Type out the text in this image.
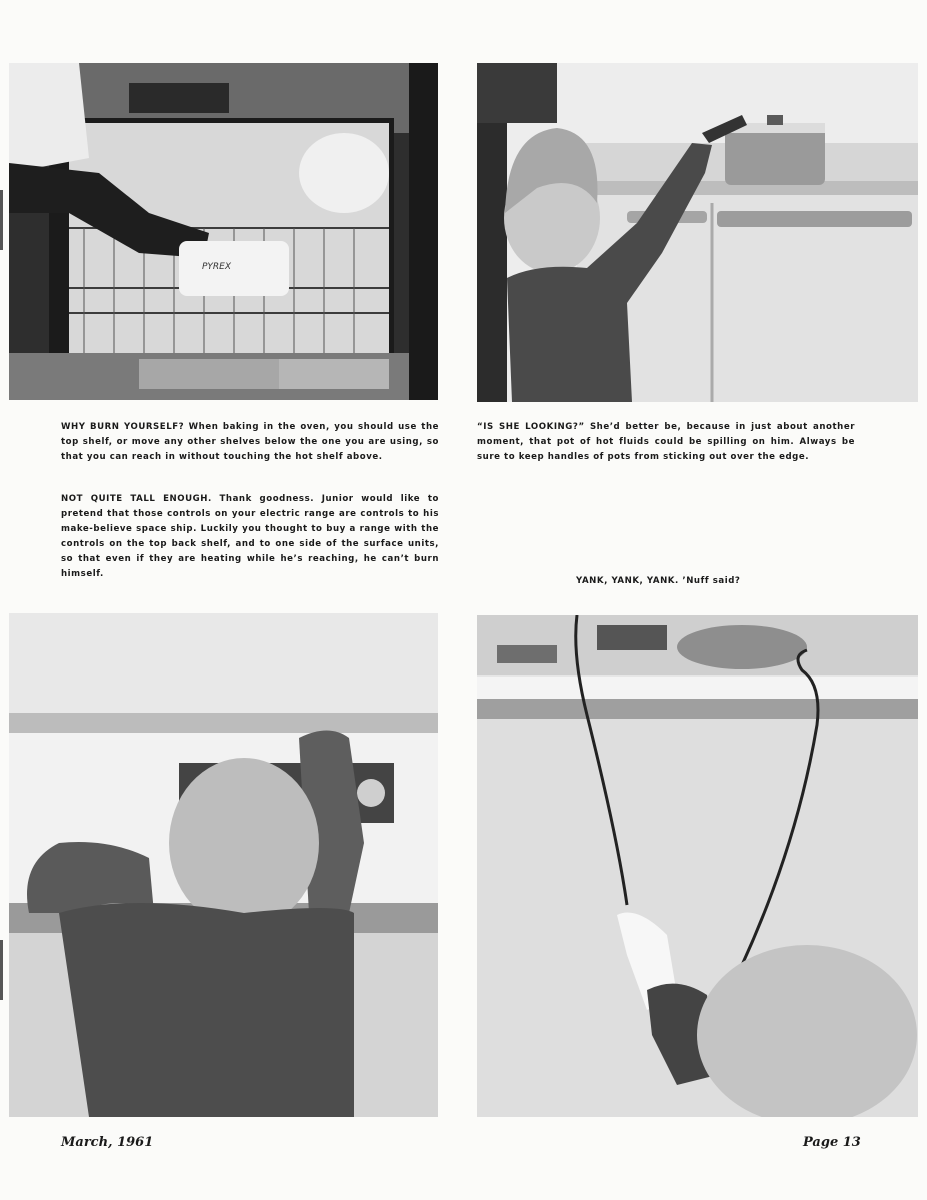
PYREX

WHY BURN YOURSELF? When baking in the oven, you should use the top shelf, or move any other shelves below the one you are using, so that you can reach in without touching the hot shelf above.

NOT QUITE TALL ENOUGH. Thank goodness. Junior would like to pretend that those controls on your electric range are controls to his make-believe space ship. Luckily you thought to buy a range with the controls on the top back shelf, and to one side of the surface units, so that even if they are heating while he’s reaching, he can’t burn himself.

“IS SHE LOOKING?” She’d better be, because in just about another moment, that pot of hot fluids could be spilling on him. Always be sure to keep handles of pots from sticking out over the edge.

YANK, YANK, YANK. ’Nuff said?

March, 1961	Page 13
